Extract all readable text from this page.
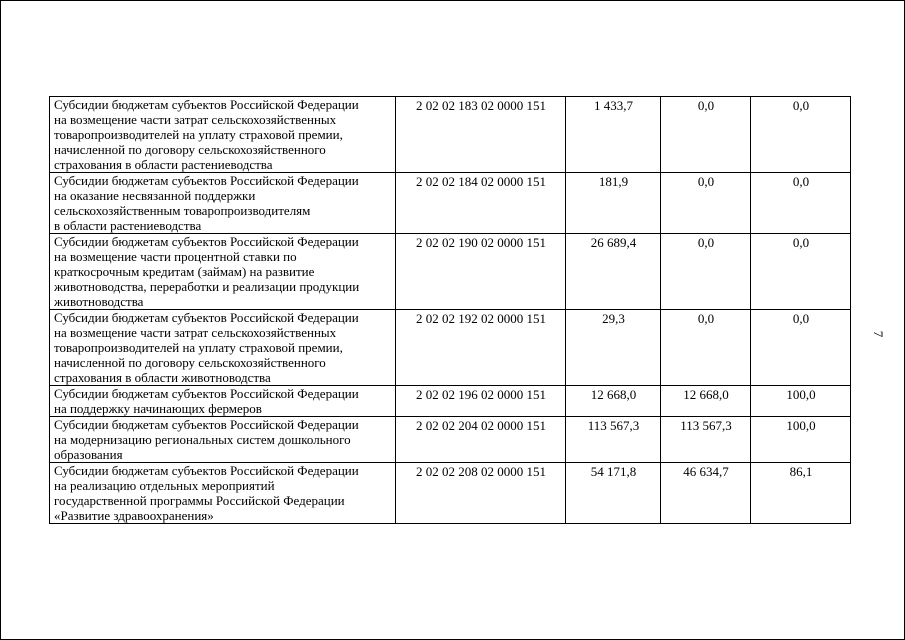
Субсидии бюджетам субъектов Российской Федерации
на возмещение части затрат сельскохозяйственных
товаропроизводителей на уплату страховой премии,
начисленной по договору сельскохозяйственного
страхования в области растениеводства	2 02 02 183 02 0000 151	1 433,7	0,0	0,0
Субсидии бюджетам субъектов Российской Федерации
на оказание несвязанной поддержки
сельскохозяйственным товаропроизводителям
в области растениеводства	2 02 02 184 02 0000 151	181,9	0,0	0,0
Субсидии бюджетам субъектов Российской Федерации
на возмещение части процентной ставки по
краткосрочным кредитам (займам) на развитие
животноводства, переработки и реализации продукции
животноводства	2 02 02 190 02 0000 151	26 689,4	0,0	0,0
Субсидии бюджетам субъектов Российской Федерации
на возмещение части затрат сельскохозяйственных
товаропроизводителей на уплату страховой премии,
начисленной по договору сельскохозяйственного
страхования в области животноводства	2 02 02 192 02 0000 151	29,3	0,0	0,0
Субсидии бюджетам субъектов Российской Федерации
на поддержку начинающих фермеров	2 02 02 196 02 0000 151	12 668,0	12 668,0	100,0
Субсидии бюджетам субъектов Российской Федерации
на модернизацию региональных систем дошкольного
образования	2 02 02 204 02 0000 151	113 567,3	113 567,3	100,0
Субсидии бюджетам субъектов Российской Федерации
на реализацию отдельных мероприятий
государственной программы Российской Федерации
«Развитие здравоохранения»	2 02 02 208 02 0000 151	54 171,8	46 634,7	86,1
7
